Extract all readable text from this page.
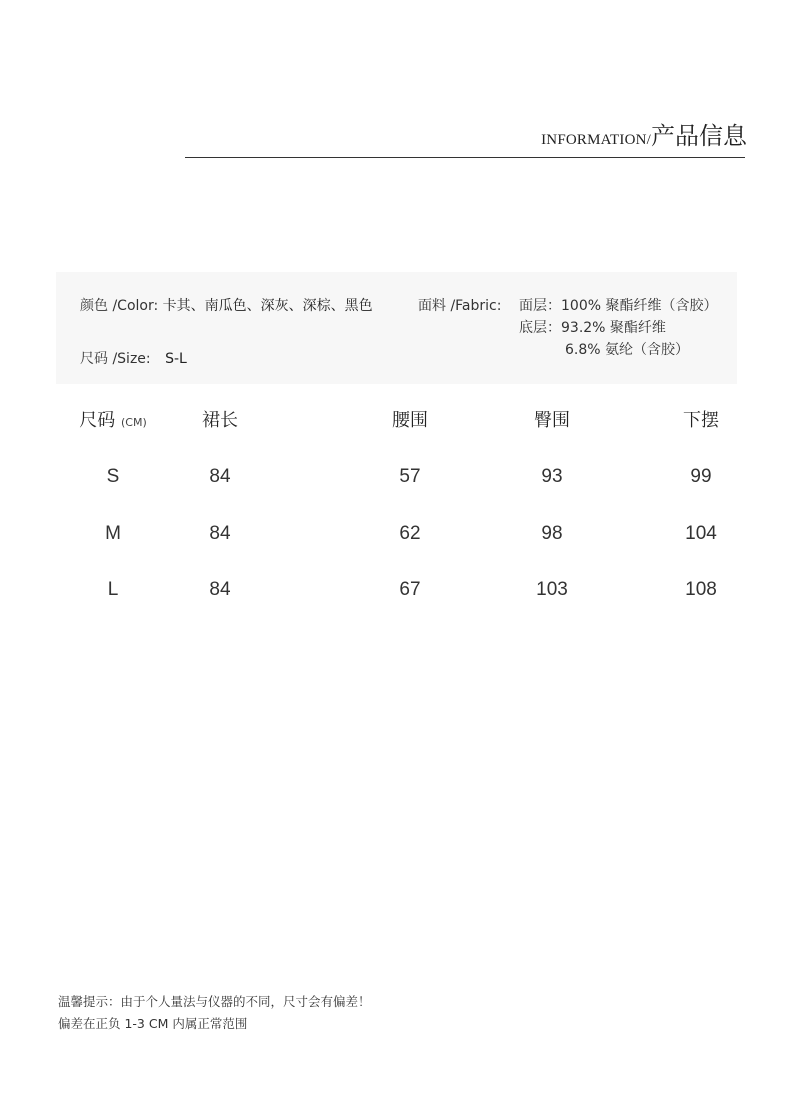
INFORMATION/ 产品信息
颜色 /Color: 卡其、南瓜色、深灰、深棕、黑色	面料 /Fabric: 面层：100% 聚酯纤维（含胶）
底层：93.2% 聚酯纤维
6.8% 氨纶（含胶）
尺码 /Size: S-L
尺码 (CM)	裙长	腰围	臀围	下摆
S	84	57	93	99
M	84	62	98	104
L	84	67	103	108
温馨提示：由于个人量法与仪器的不同，尺寸会有偏差！
偏差在正负 1-3 CM 内属正常范围
